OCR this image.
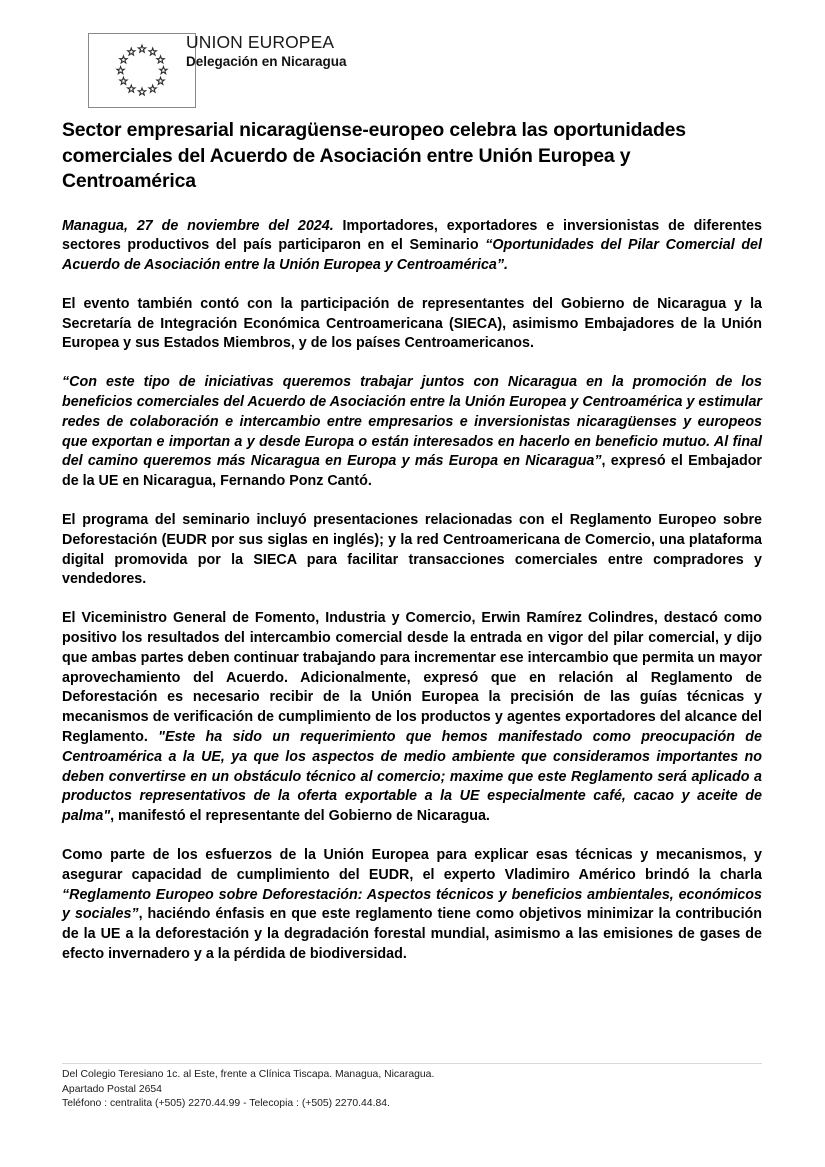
UNION EUROPEA
Delegación en Nicaragua
Sector empresarial nicaragüense-europeo celebra las oportunidades comerciales del Acuerdo de Asociación entre Unión Europea y Centroamérica

Managua, 27 de noviembre del 2024. Importadores, exportadores e inversionistas de diferentes sectores productivos del país participaron en el Seminario “Oportunidades del Pilar Comercial del Acuerdo de Asociación entre la Unión Europea y Centroamérica”.

El evento también contó con la participación de representantes del Gobierno de Nicaragua y la Secretaría de Integración Económica Centroamericana (SIECA), asimismo Embajadores de la Unión Europea y sus Estados Miembros, y de los países Centroamericanos.

“Con este tipo de iniciativas queremos trabajar juntos con Nicaragua en la promoción de los beneficios comerciales del Acuerdo de Asociación entre la Unión Europea y Centroamérica y estimular redes de colaboración e intercambio entre empresarios e inversionistas nicaragüenses y europeos que exportan e importan a y desde Europa o están interesados en hacerlo en beneficio mutuo. Al final del camino queremos más Nicaragua en Europa y más Europa en Nicaragua”, expresó el Embajador de la UE en Nicaragua, Fernando Ponz Cantó.

El programa del seminario incluyó presentaciones relacionadas con el Reglamento Europeo sobre Deforestación (EUDR por sus siglas en inglés); y la red Centroamericana de Comercio, una plataforma digital promovida por la SIECA para facilitar transacciones comerciales entre compradores y vendedores.

El Viceministro General de Fomento, Industria y Comercio, Erwin Ramírez Colindres, destacó como positivo los resultados del intercambio comercial desde la entrada en vigor del pilar comercial, y dijo que ambas partes deben continuar trabajando para incrementar ese intercambio que permita un mayor aprovechamiento del Acuerdo. Adicionalmente, expresó que en relación al Reglamento de Deforestación es necesario recibir de la Unión Europea la precisión de las guías técnicas y mecanismos de verificación de cumplimiento de los productos y agentes exportadores del alcance del Reglamento. "Este ha sido un requerimiento que hemos manifestado como preocupación de Centroamérica a la UE, ya que los aspectos de medio ambiente que consideramos importantes no deben convertirse en un obstáculo técnico al comercio; maxime que este Reglamento será aplicado a productos representativos de la oferta exportable a la UE especialmente café, cacao y aceite de palma", manifestó el representante del Gobierno de Nicaragua.

Como parte de los esfuerzos de la Unión Europea para explicar esas técnicas y mecanismos, y asegurar capacidad de cumplimiento del EUDR, el experto Vladimiro Américo brindó la charla “Reglamento Europeo sobre Deforestación: Aspectos técnicos y beneficios ambientales, económicos y sociales”, haciéndo énfasis en que este reglamento tiene como objetivos minimizar la contribución de la UE a la deforestación y la degradación forestal mundial, asimismo a las emisiones de gases de efecto invernadero y a la pérdida de biodiversidad.

Del Colegio Teresiano 1c. al Este, frente a Clínica Tiscapa. Managua, Nicaragua.
Apartado Postal 2654
Teléfono : centralita (+505) 2270.44.99 - Telecopia : (+505) 2270.44.84.
